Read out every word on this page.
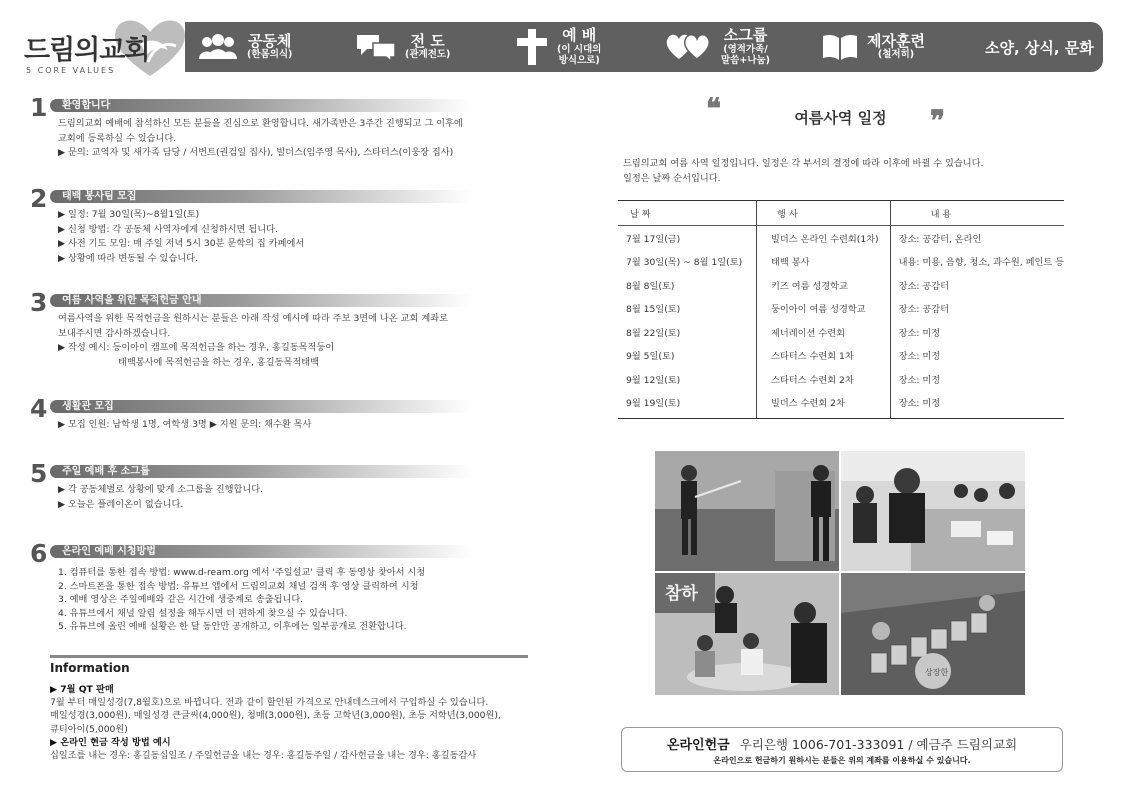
드림의교회
5 CORE VALUES
공동체
(한몸의식)
전 도
(관계전도)
예 배
(이 시대의
방식으로)
소그룹
(영적가족/
말씀+나눔)
제자훈련
(철저히)	소양, 상식, 문화
1 환영합니다
드림의교회 예배에 참석하신 모든 분들을 진심으로 환영합니다. 새가족반은 3주간 진행되고 그 이후에
교회에 등록하실 수 있습니다.
▶ 문의: 교역자 및 새가족 담당 / 서번트(권검일 집사), 빌더스(임주영 목사), 스타터스(이웅장 집사)
2 태백 봉사팀 모집
▶ 일정: 7월 30일(목)~8월1일(토)
▶ 신청 방법: 각 공동체 사역자에게 신청하시면 됩니다.
▶ 사전 기도 모임: 매 주일 저녁 5시 30분 문학의 집 카페에서
▶ 상황에 따라 변동될 수 있습니다.
3 여름 사역을 위한 목적헌금 안내
여름사역을 위한 목적헌금을 원하시는 분들은 아래 작성 예시에 따라 주보 3면에 나온 교회 계좌로
보내주시면 감사하겠습니다.
▶ 작성 예시: 등이아이 캠프에 목적헌금을 하는 경우, 홍길동목적둥이
태백봉사에 목적헌금을 하는 경우, 홍길동목적태백
4 생활관 모집
▶ 모집 인원: 남학생 1명, 여학생 3명 ▶ 지원 문의: 채수환 목사
5 주일 예배 후 소그룹
▶ 각 공동체별로 상황에 맞게 소그룹을 진행합니다.
▶ 오늘은 플레이온이 없습니다.
6 온라인 예배 시청방법
1. 컴퓨터를 통한 접속 방법: www.d-ream.org 에서 '주일설교' 클릭 후 동영상 찾아서 시청
2. 스마트폰을 통한 접속 방법: 유튜브 앱에서 드림의교회 채널 검색 후 영상 클릭하여 시청
3. 예배 영상은 주일예배와 같은 시간에 생중계로 송출됩니다.
4. 유튜브에서 채널 알림 설정을 해두시면 더 편하게 찾으실 수 있습니다.
5. 유튜브에 올린 예배 실황은 한 달 동안만 공개하고, 이후에는 일부공개로 전환합니다.
Information
▶ 7월 QT 판매
7월 부터 매일성경(7,8월호)으로 바뀝니다. 전과 같이 할인된 가격으로 안내데스크에서 구입하실 수 있습니다.
매일성경(3,000원), 매일성경 큰글씨(4,000원), 청매(3,000원), 초등 고학년(3,000원), 초등 저학년(3,000원),
큐티아이(5,000원)
▶ 온라인 현금 작성 방법 예시
십일조를 내는 경우: 홍길동십일조 / 주일헌금을 내는 경우: 홍길동주일 / 감사헌금을 내는 경우: 홍길동감사
❝	❞
여름사역 일정
드림의교회 여름 사역 일정입니다. 일정은 각 부서의 결정에 따라 이후에 바뀔 수 있습니다.
일정은 날짜 순서입니다.
날 짜	행 사	내 용
7월 17일(금)	빌더스 온라인 수련회(1차)	장소: 공감터, 온라인
7월 30일(목) ~ 8월 1일(토)	태백 봉사	내용: 미용, 음향, 청소, 과수원, 페인트 등
8월 8일(토)	키즈 여름 성경학교	장소: 공감터
8월 15일(토)	둥이아이 여름 성경학교	장소: 공감터
8월 22일(토)	제너레이션 수련회	장소: 미정
9월 5일(토)	스타터스 수련회 1차	장소: 미정
9월 12일(토)	스타터스 수련회 2차	장소: 미정
9월 19일(토)	빌더스 수련회 2차	장소: 미정
참하
상장한
온라인헌금 우리은행 1006-701-333091 / 예금주 드림의교회
온라인으로 헌금하기 원하시는 분들은 위의 계좌를 이용하실 수 있습니다.
